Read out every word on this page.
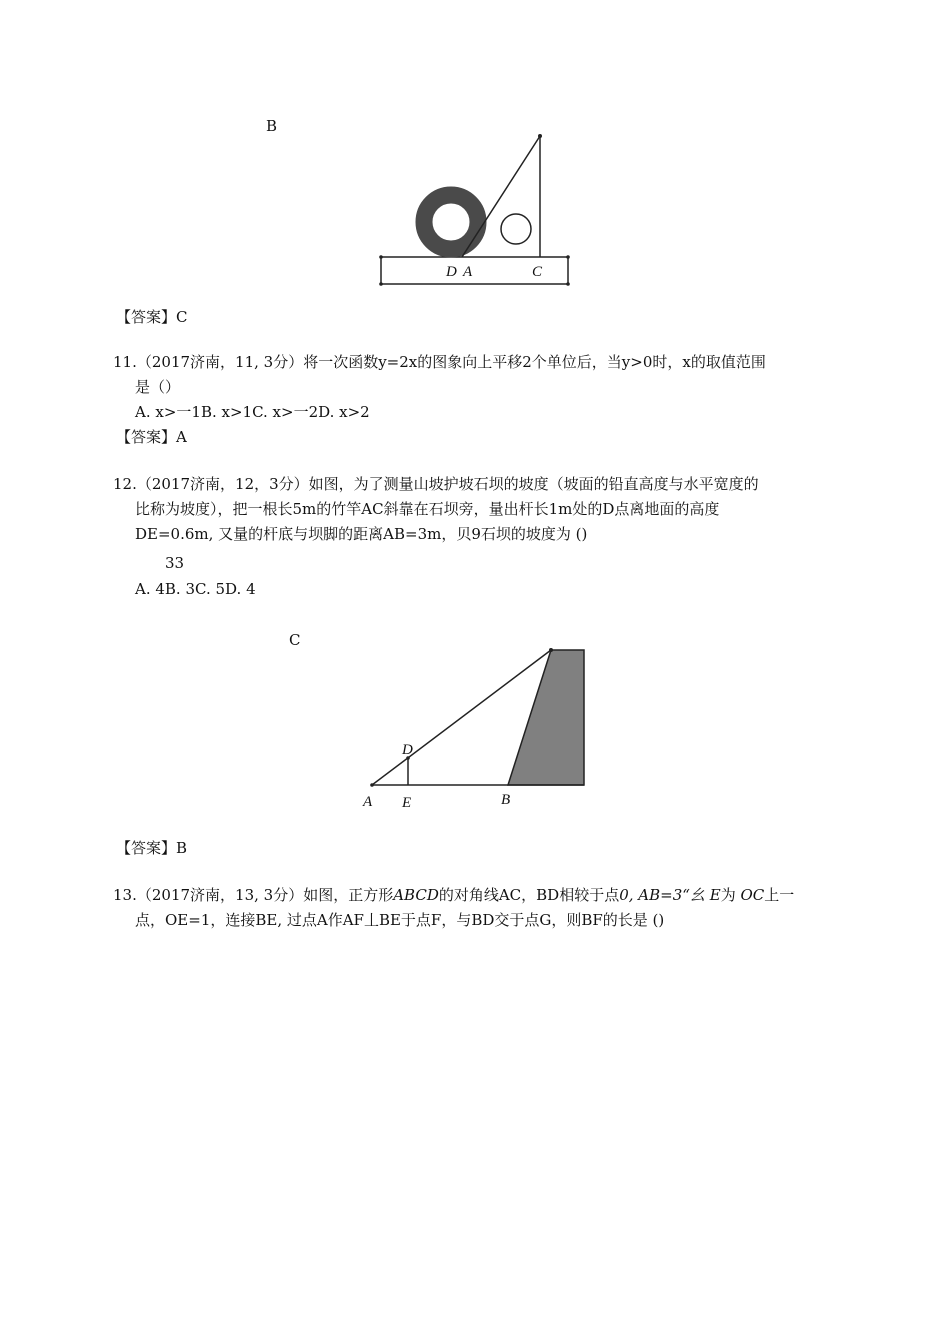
B
D A	C

【答案】C

11.（2017济南，11, 3分）将一次函数y=2x的图象向上平移2个单位后，当y>0时，x的取值范围

是（）

A. x>一1B. x>1C. x>一2D. x>2

【答案】A

12.（2017济南，12，3分）如图，为了测量山坡护坡石坝的坡度（坡面的铅直高度与水平宽度的

比称为坡度），把一根长5m的竹竿AC斜靠在石坝旁，量出杆长1m处的D点离地面的高度

DE=0.6m, 又量的杆底与坝脚的距离AB=3m，贝9石坝的坡度为 ()

33

A. 4B. 3C. 5D. 4

C
D
A E	B

【答案】B

13.（2017济南，13, 3分）如图，正方形ABCD的对角线AC，BD相较于点0, AB=3“幺 E为 OC上一

点，OE=1，连接BE, 过点A作AF丄BE于点F，与BD交于点G，则BF的长是 ()
